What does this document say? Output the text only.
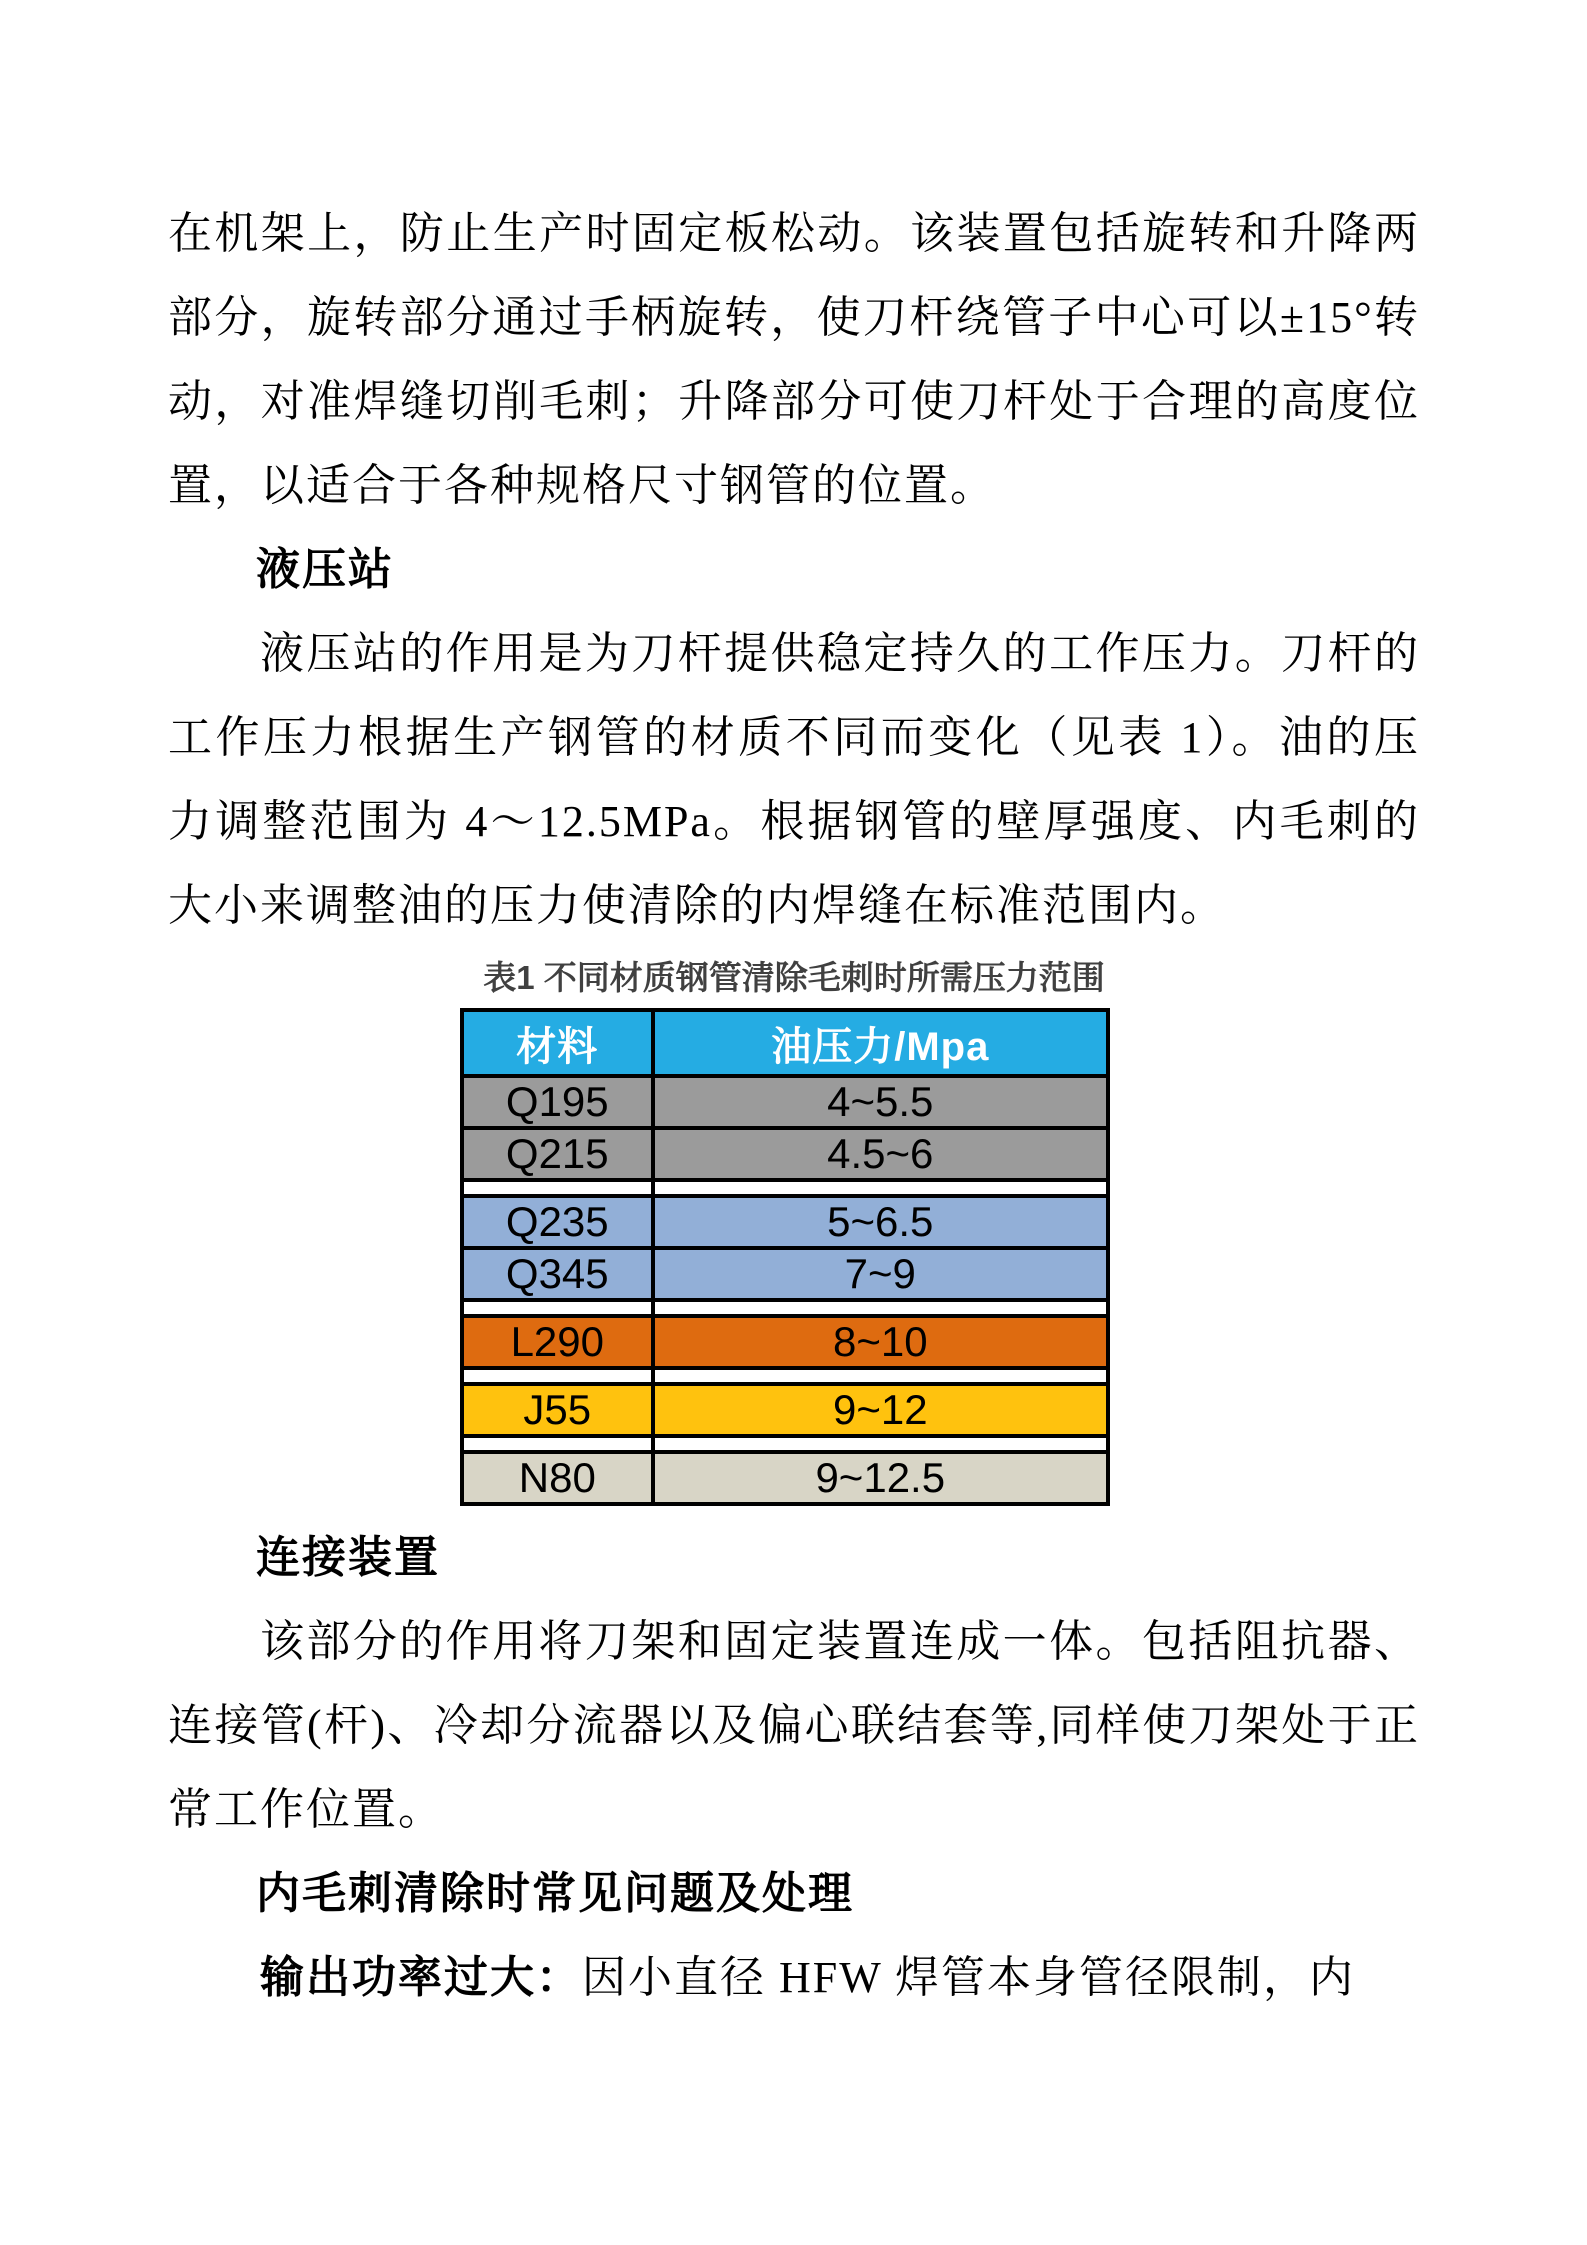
在机架上，防止生产时固定板松动。该装置包括旋转和升降两部分，旋转部分通过手柄旋转，使刀杆绕管子中心可以±15°转动，对准焊缝切削毛刺；升降部分可使刀杆处于合理的高度位置，以适合于各种规格尺寸钢管的位置。

液压站

液压站的作用是为刀杆提供稳定持久的工作压力。刀杆的工作压力根据生产钢管的材质不同而变化（见表 1）。油的压力调整范围为 4～12.5MPa。根据钢管的壁厚强度、内毛刺的大小来调整油的压力使清除的内焊缝在标准范围内。

表1 不同材质钢管清除毛刺时所需压力范围
材料	油压力/Mpa
Q195	4~5.5
Q215	4.5~6

Q235	5~6.5
Q345	7~9

L290	8~10

J55	9~12

N80	9~12.5
连接装置

该部分的作用将刀架和固定装置连成一体。包括阻抗器、连接管(杆)、冷却分流器以及偏心联结套等,同样使刀架处于正常工作位置。

内毛刺清除时常见问题及处理

输出功率过大：因小直径 HFW 焊管本身管径限制，内
